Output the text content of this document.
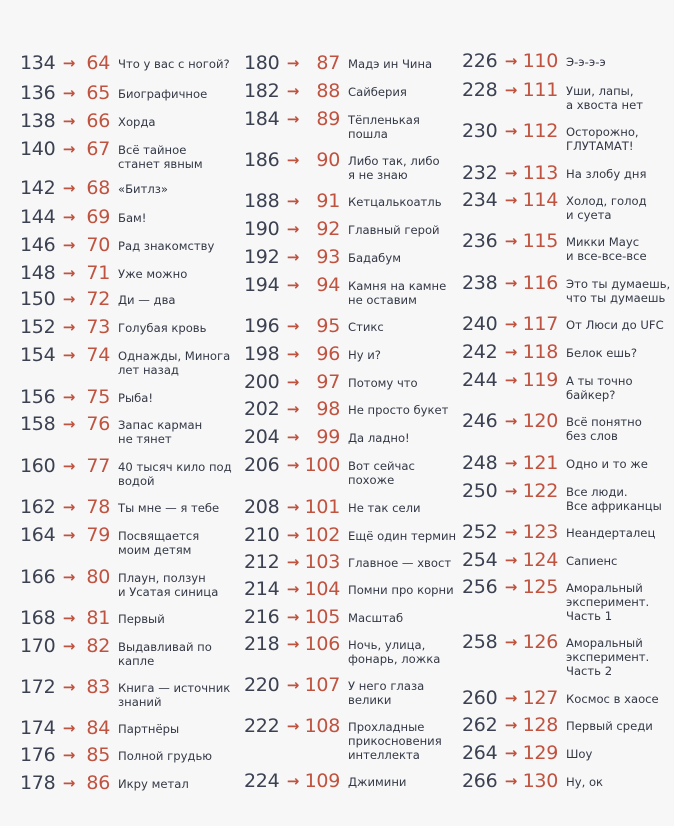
134 → 64 Что у вас с ногой?
136 → 65 Биографичное
138 → 66 Хорда
140 → 67 Всё тайное
станет явным
142 → 68 «Битлз»
144 → 69 Бам!
146 → 70 Рад знакомству
148 → 71 Уже можно
150 → 72 Ди — два
152 → 73 Голубая кровь
154 → 74 Однажды, Минога
лет назад
156 → 75 Рыба!
158 → 76 Запас карман
не тянет
160 → 77 40 тысяч кило под
водой
162 → 78 Ты мне — я тебе
164 → 79 Посвящается
моим детям
166 → 80 Плаун, ползун
и Усатая синица
168 → 81 Первый
170 → 82 Выдавливай по
капле
172 → 83 Книга — источник
знаний
174 → 84 Партнёры
176 → 85 Полной грудью
178 → 86 Икру метал
180 → 87 Мадэ ин Чина
182 → 88 Сайберия
184 → 89 Тёпленькая
пошла
186 → 90 Либо так, либо
я не знаю
188 → 91 Кетцалькоатль
190 → 92 Главный герой
192 → 93 Бадабум
194 → 94 Камня на камне
не оставим
196 → 95 Стикс
198 → 96 Ну и?
200 → 97 Потому что
202 → 98 Не просто букет
204 → 99 Да ладно!
206 → 100 Вот сейчас
похоже
208 → 101 Не так сели
210 → 102 Ещё один термин
212 → 103 Главное — хвост
214 → 104 Помни про корни
216 → 105 Масштаб
218 → 106 Ночь, улица,
фонарь, ложка
220 → 107 У него глаза
велики
222 → 108 Прохладные
прикосновения
интеллекта
224 → 109 Джимини
226 → 110 Э-э-э-э
228 → 111 Уши, лапы,
а хвоста нет
230 → 112 Осторожно,
ГЛУТАМАТ!
232 → 113 На злобу дня
234 → 114 Холод, голод
и суета
236 → 115 Микки Маус
и все-все-все
238 → 116 Это ты думаешь,
что ты думаешь
240 → 117 От Люси до UFC
242 → 118 Белок ешь?
244 → 119 А ты точно
байкер?
246 → 120 Всё понятно
без слов
248 → 121 Одно и то же
250 → 122 Все люди.
Все африканцы
252 → 123 Неандерталец
254 → 124 Сапиенс
256 → 125 Аморальный
эксперимент.
Часть 1
258 → 126 Аморальный
эксперимент.
Часть 2
260 → 127 Космос в хаосе
262 → 128 Первый среди
264 → 129 Шоу
266 → 130 Ну, ок
